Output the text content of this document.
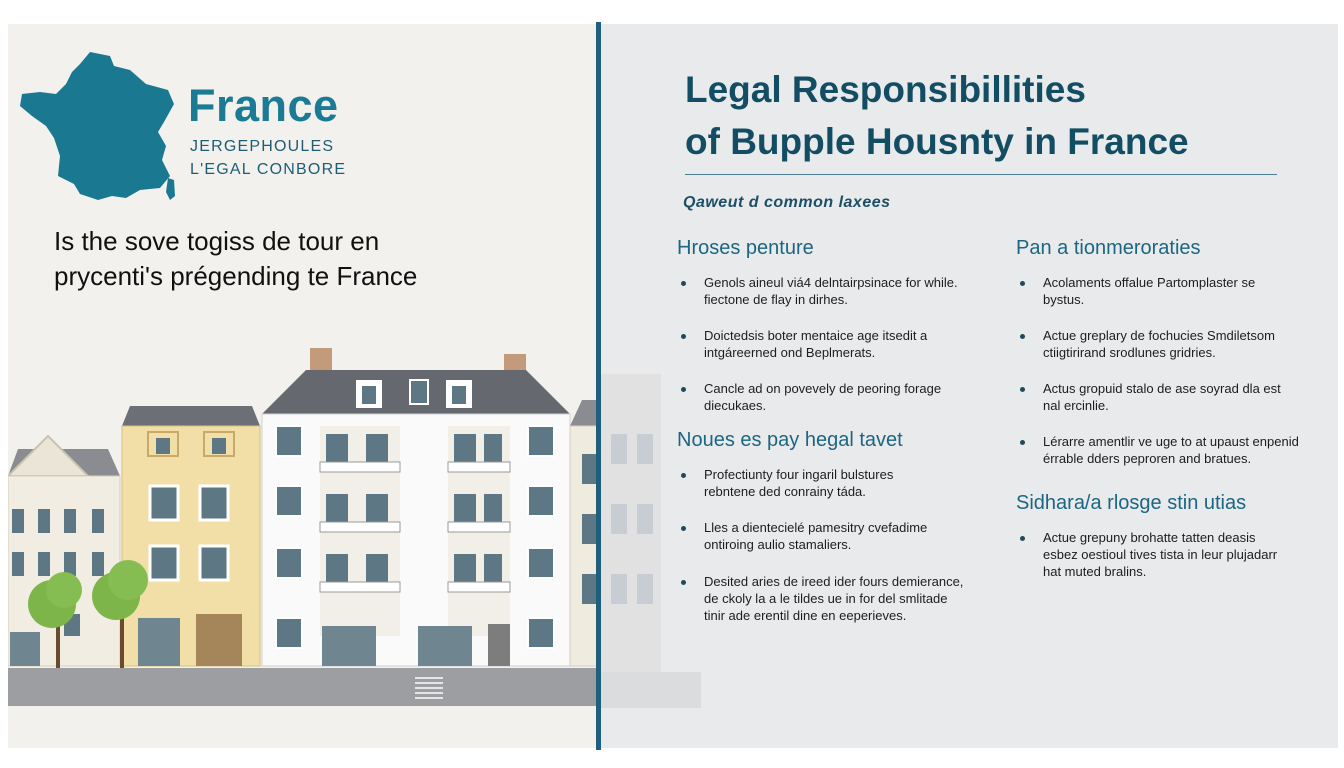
France
JERGEPHOULES
L'EGAL CONBORE
Is the sove togiss de tour en
prycenti's prégending te France
Legal Responsibillities
of Bupple Housnty in France
Qaweut d common laxees
Hroses penture
Genols aineul viá4 delntairpsinace for while.
fiectone de flay in dirhes.
Doictedsis boter mentaice age itsedit a
intgáreerned ond Beplmerats.
Cancle ad on povevely de peoring forage
diecukaes.
Noues es pay hegal tavet
Profectiunty four ingaril bulstures
rebntene ded conrainy táda.
Lles a dientecielé pamesitry cvefadime
ontiroing aulio stamaliers.
Desited aries de ireed ider fours demierance,
de ckoly la a le tildes ue in for del smlitade
tinir ade erentil dine en eeperieves.
Pan a tionmeroraties
Acolaments offalue Partomplaster se
bystus.
Actue greplary de fochucies Smdiletsom
ctiigtirirand srodlunes gridries.
Actus gropuid stalo de ase soyrad dla est
nal ercinlie.
Lérarre amentlir ve uge to at upaust enpenid
érrable dders peproren and bratues.
Sidhara/a rlosge stin utias
Actue grepuny brohatte tatten deasis
esbez oestioul tives tista in leur plujadarr
hat muted bralins.
